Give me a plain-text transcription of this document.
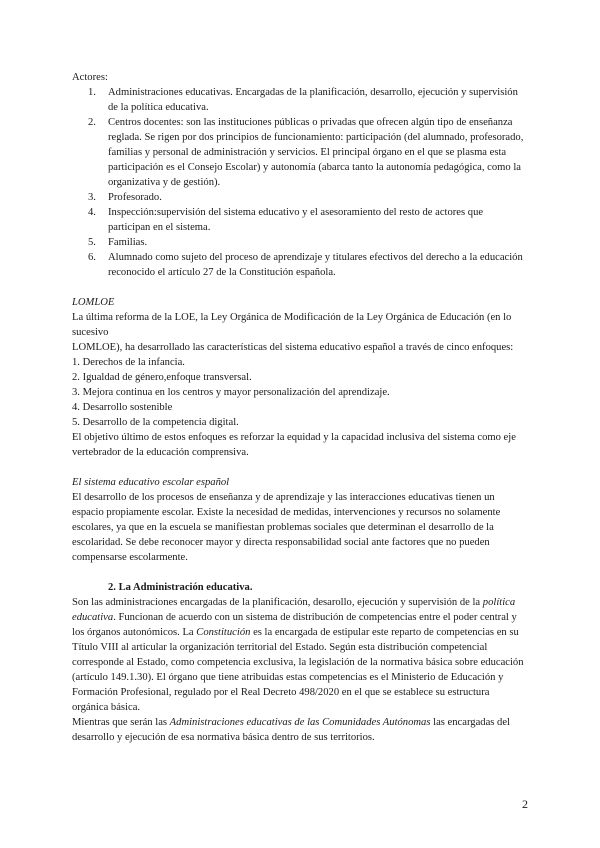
Actores:

1. Administraciones educativas. Encargadas de la planificación, desarrollo, ejecución y supervisión de la política educativa.
2. Centros docentes: son las instituciones públicas o privadas que ofrecen algún tipo de enseñanza reglada. Se rigen por dos principios de funcionamiento: participación (del alumnado, profesorado, familias y personal de administración y servicios. El principal órgano en el que se plasma esta participación es el Consejo Escolar) y autonomía (abarca tanto la autonomía pedagógica, como la organizativa y de gestión).
3. Profesorado.
4. Inspección:supervisión del sistema educativo y el asesoramiento del resto de actores que participan en el sistema.
5. Familias.
6. Alumnado como sujeto del proceso de aprendizaje y titulares efectivos del derecho a la educación reconocido el artículo 27 de la Constitución española.

LOMLOE

La última reforma de la LOE, la Ley Orgánica de Modificación de la Ley Orgánica de Educación (en lo sucesivo

LOMLOE), ha desarrollado las características del sistema educativo español a través de cinco enfoques:

1. Derechos de la infancia.

2. Igualdad de género,enfoque transversal.

3. Mejora continua en los centros y mayor personalización del aprendizaje.

4. Desarrollo sostenible

5. Desarrollo de la competencia digital.

El objetivo último de estos enfoques es reforzar la equidad y la capacidad inclusiva del sistema como eje vertebrador de la educación comprensiva.

El sistema educativo escolar español

El desarrollo de los procesos de enseñanza y de aprendizaje y las interacciones educativas tienen un espacio propiamente escolar. Existe la necesidad de medidas, intervenciones y recursos no solamente escolares, ya que en la escuela se manifiestan problemas sociales que determinan el desarrollo de la escolaridad. Se debe reconocer mayor y directa responsabilidad social ante factores que no pueden compensarse escolarmente.

2. La Administración educativa.

Son las administraciones encargadas de la planificación, desarollo, ejecución y supervisión de la política educativa. Funcionan de acuerdo con un sistema de distribución de competencias entre el poder central y los órganos autonómicos. La Constitución es la encargada de estipular este reparto de competencias en su Título VIII al articular la organización territorial del Estado. Según esta distribución competencial corresponde al Estado, como competencia exclusiva, la legislación de la normativa básica sobre educación (artículo 149.1.30). El órgano que tiene atribuidas estas competencias es el Ministerio de Educación y Formación Profesional, regulado por el Real Decreto 498/2020 en el que se establece su estructura orgánica básica.

Mientras que serán las Administraciones educativas de las Comunidades Autónomas las encargadas del desarrollo y ejecución de esa normativa básica dentro de sus territorios.

2
